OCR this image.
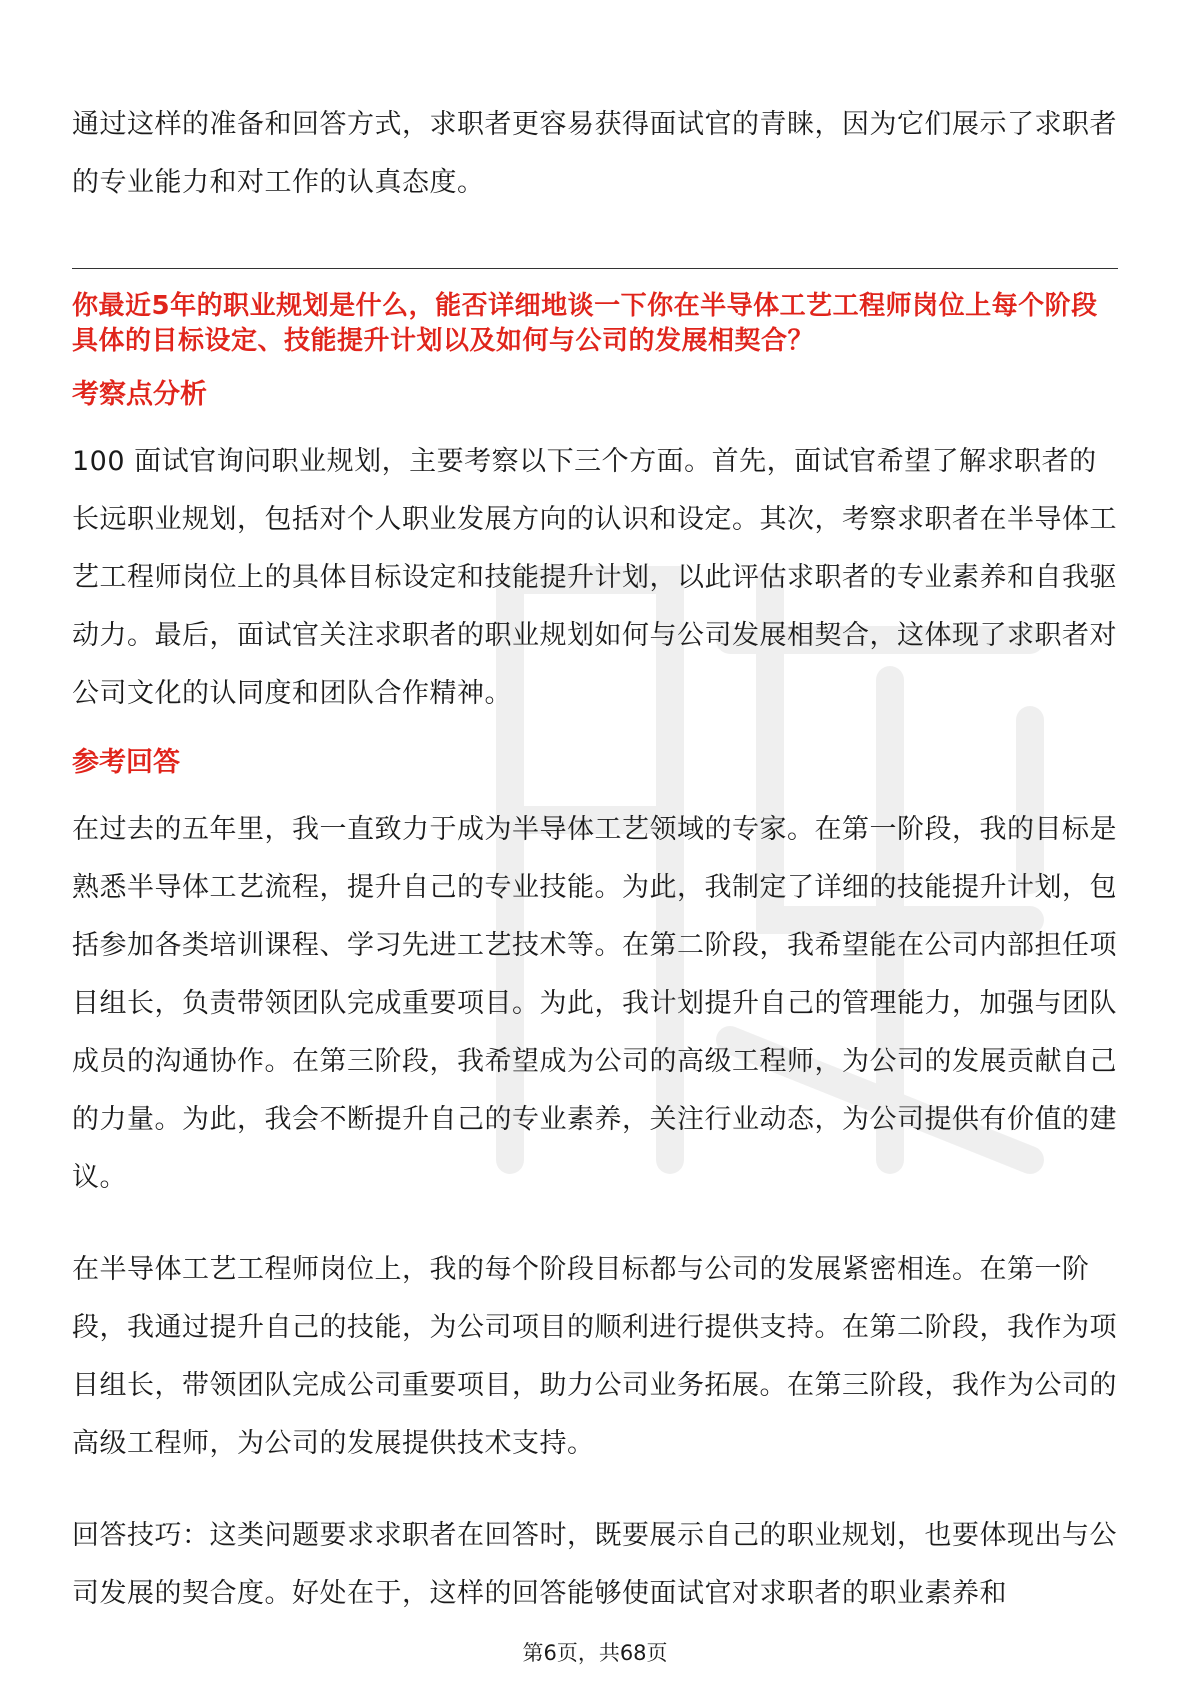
通过这样的准备和回答方式，求职者更容易获得面试官的青睐，因为它们展示了求职者的专业能力和对工作的认真态度。

你最近5年的职业规划是什么，能否详细地谈一下你在半导体工艺工程师岗位上每个阶段具体的目标设定、技能提升计划以及如何与公司的发展相契合？

考察点分析

100 面试官询问职业规划，主要考察以下三个方面。首先，面试官希望了解求职者的长远职业规划，包括对个人职业发展方向的认识和设定。其次，考察求职者在半导体工艺工程师岗位上的具体目标设定和技能提升计划，以此评估求职者的专业素养和自我驱动力。最后，面试官关注求职者的职业规划如何与公司发展相契合，这体现了求职者对公司文化的认同度和团队合作精神。

参考回答

在过去的五年里，我一直致力于成为半导体工艺领域的专家。在第一阶段，我的目标是熟悉半导体工艺流程，提升自己的专业技能。为此，我制定了详细的技能提升计划，包括参加各类培训课程、学习先进工艺技术等。在第二阶段，我希望能在公司内部担任项目组长，负责带领团队完成重要项目。为此，我计划提升自己的管理能力，加强与团队成员的沟通协作。在第三阶段，我希望成为公司的高级工程师，为公司的发展贡献自己的力量。为此，我会不断提升自己的专业素养，关注行业动态，为公司提供有价值的建议。

在半导体工艺工程师岗位上，我的每个阶段目标都与公司的发展紧密相连。在第一阶段，我通过提升自己的技能，为公司项目的顺利进行提供支持。在第二阶段，我作为项目组长，带领团队完成公司重要项目，助力公司业务拓展。在第三阶段，我作为公司的高级工程师，为公司的发展提供技术支持。

回答技巧：这类问题要求求职者在回答时，既要展示自己的职业规划，也要体现出与公司发展的契合度。好处在于，这样的回答能够使面试官对求职者的职业素养和

第6页，共68页
